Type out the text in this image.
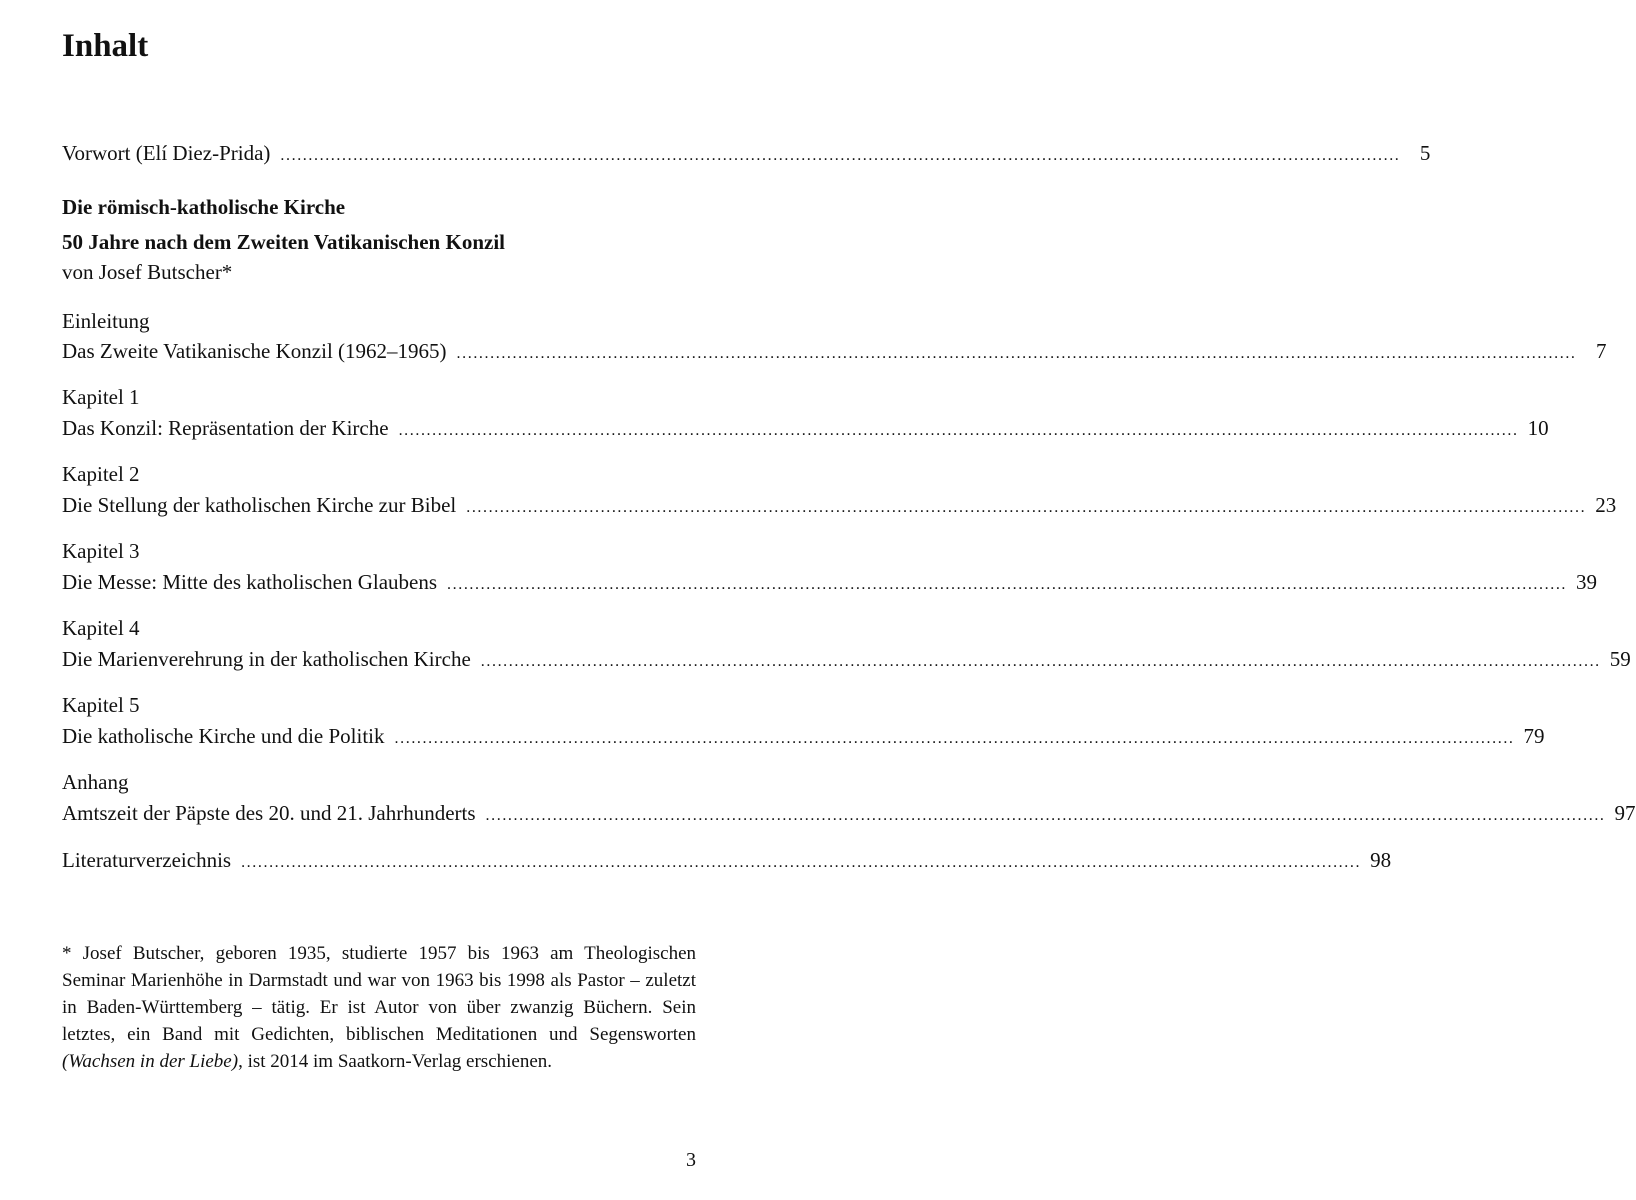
Inhalt
Vorwort (Elí Diez-Prida) ........................................................................................................................................................................................................ 5
Die römisch-katholische Kirche
50 Jahre nach dem Zweiten Vatikanischen Konzil
von Josef Butscher*
Einleitung
Das Zweite Vatikanische Konzil (1962–1965) ........................................................................................................................................................................................................ 7
Kapitel 1
Das Konzil: Repräsentation der Kirche ........................................................................................................................................................................................................ 10
Kapitel 2
Die Stellung der katholischen Kirche zur Bibel ........................................................................................................................................................................................................ 23
Kapitel 3
Die Messe: Mitte des katholischen Glaubens ........................................................................................................................................................................................................ 39
Kapitel 4
Die Marienverehrung in der katholischen Kirche ........................................................................................................................................................................................................ 59
Kapitel 5
Die katholische Kirche und die Politik ........................................................................................................................................................................................................ 79
Anhang
Amtszeit der Päpste des 20. und 21. Jahrhunderts ........................................................................................................................................................................................................ 97
Literaturverzeichnis ........................................................................................................................................................................................................ 98

* Josef Butscher, geboren 1935, studierte 1957 bis 1963 am Theologischen Seminar Marienhöhe in Darmstadt und war von 1963 bis 1998 als Pastor – zuletzt in Baden-Württemberg – tätig. Er ist Autor von über zwanzig Büchern. Sein letztes, ein Band mit Gedichten, biblischen Meditationen und Segensworten (Wachsen in der Liebe), ist 2014 im Saatkorn-Verlag erschienen.

3
